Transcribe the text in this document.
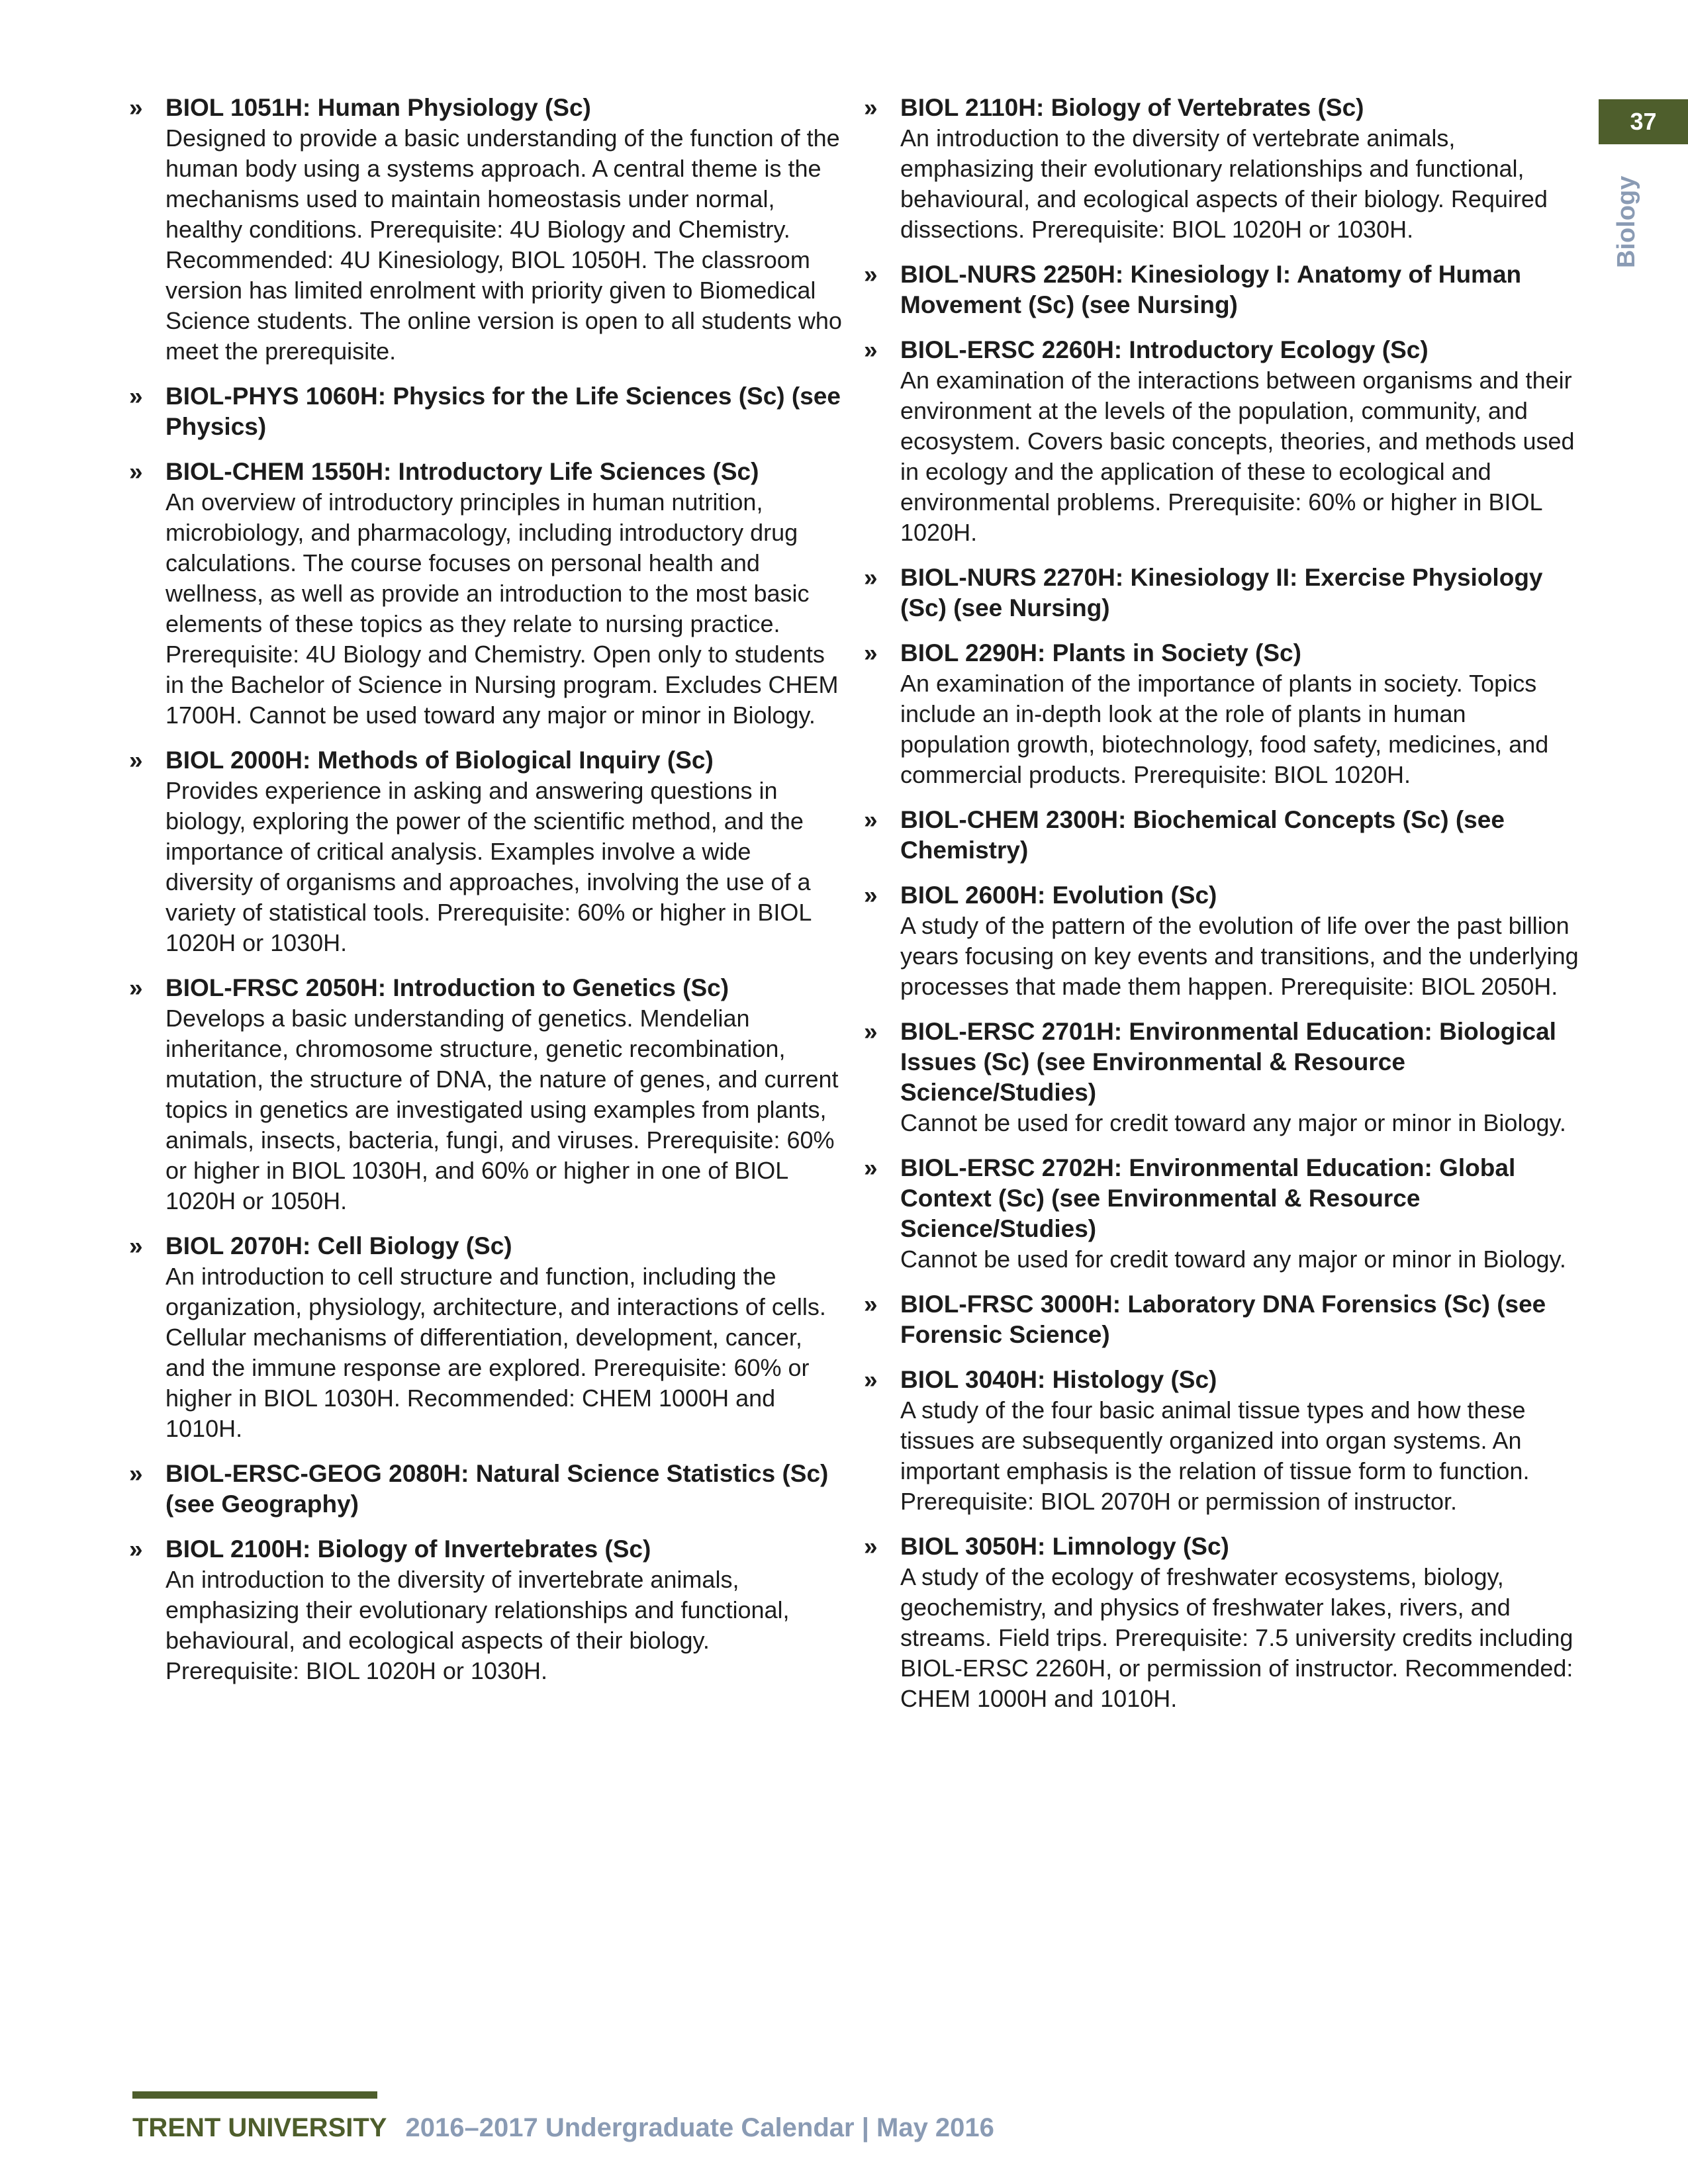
» BIOL 1051H: Human Physiology (Sc)

Designed to provide a basic understanding of the function of the human body using a systems approach. A central theme is the mechanisms used to maintain homeostasis under normal, healthy conditions. Prerequisite: 4U Biology and Chemistry. Recommended: 4U Kinesiology, BIOL 1050H. The classroom version has limited enrolment with priority given to Biomedical Science students. The online version is open to all students who meet the prerequisite.

» BIOL-PHYS 1060H: Physics for the Life Sciences (Sc) (see Physics)

» BIOL-CHEM 1550H: Introductory Life Sciences (Sc)

An overview of introductory principles in human nutrition, microbiology, and pharmacology, including introductory drug calculations. The course focuses on personal health and wellness, as well as provide an introduction to the most basic elements of these topics as they relate to nursing practice. Prerequisite: 4U Biology and Chemistry. Open only to students in the Bachelor of Science in Nursing program. Excludes CHEM 1700H. Cannot be used toward any major or minor in Biology.

» BIOL 2000H: Methods of Biological Inquiry (Sc)

Provides experience in asking and answering questions in biology, exploring the power of the scientific method, and the importance of critical analysis. Examples involve a wide diversity of organisms and approaches, involving the use of a variety of statistical tools. Prerequisite: 60% or higher in BIOL 1020H or 1030H.

» BIOL-FRSC 2050H: Introduction to Genetics (Sc)

Develops a basic understanding of genetics. Mendelian inheritance, chromosome structure, genetic recombination, mutation, the structure of DNA, the nature of genes, and current topics in genetics are investigated using examples from plants, animals, insects, bacteria, fungi, and viruses. Prerequisite: 60% or higher in BIOL 1030H, and 60% or higher in one of BIOL 1020H or 1050H.

» BIOL 2070H: Cell Biology (Sc)

An introduction to cell structure and function, including the organization, physiology, architecture, and interactions of cells. Cellular mechanisms of differentiation, development, cancer, and the immune response are explored. Prerequisite: 60% or higher in BIOL 1030H. Recommended: CHEM 1000H and 1010H.

» BIOL-ERSC-GEOG 2080H: Natural Science Statistics (Sc) (see Geography)

» BIOL 2100H: Biology of Invertebrates (Sc)

An introduction to the diversity of invertebrate animals, emphasizing their evolutionary relationships and functional, behavioural, and ecological aspects of their biology. Prerequisite: BIOL 1020H or 1030H.

» BIOL 2110H: Biology of Vertebrates (Sc)

An introduction to the diversity of vertebrate animals, emphasizing their evolutionary relationships and functional, behavioural, and ecological aspects of their biology. Required dissections. Prerequisite: BIOL 1020H or 1030H.

» BIOL-NURS 2250H: Kinesiology I: Anatomy of Human Movement (Sc) (see Nursing)

» BIOL-ERSC 2260H: Introductory Ecology (Sc)

An examination of the interactions between organisms and their environment at the levels of the population, community, and ecosystem. Covers basic concepts, theories, and methods used in ecology and the application of these to ecological and environmental problems. Prerequisite: 60% or higher in BIOL 1020H.

» BIOL-NURS 2270H: Kinesiology II: Exercise Physiology (Sc) (see Nursing)

» BIOL 2290H: Plants in Society (Sc)

An examination of the importance of plants in society. Topics include an in-depth look at the role of plants in human population growth, biotechnology, food safety, medicines, and commercial products. Prerequisite: BIOL 1020H.

» BIOL-CHEM 2300H: Biochemical Concepts (Sc) (see Chemistry)

» BIOL 2600H: Evolution (Sc)

A study of the pattern of the evolution of life over the past billion years focusing on key events and transitions, and the underlying processes that made them happen. Prerequisite: BIOL 2050H.

» BIOL-ERSC 2701H: Environmental Education: Biological Issues (Sc) (see Environmental & Resource Science/Studies)

Cannot be used for credit toward any major or minor in Biology.

» BIOL-ERSC 2702H: Environmental Education: Global Context (Sc) (see Environmental & Resource Science/Studies)

Cannot be used for credit toward any major or minor in Biology.

» BIOL-FRSC 3000H: Laboratory DNA Forensics (Sc) (see Forensic Science)

» BIOL 3040H: Histology (Sc)

A study of the four basic animal tissue types and how these tissues are subsequently organized into organ systems. An important emphasis is the relation of tissue form to function. Prerequisite: BIOL 2070H or permission of instructor.

» BIOL 3050H: Limnology (Sc)

A study of the ecology of freshwater ecosystems, biology, geochemistry, and physics of freshwater lakes, rivers, and streams. Field trips. Prerequisite: 7.5 university credits including BIOL-ERSC 2260H, or permission of instructor. Recommended: CHEM 1000H and 1010H.

37
Biology
TRENT UNIVERSITY 2016–2017 Undergraduate Calendar | May 2016
